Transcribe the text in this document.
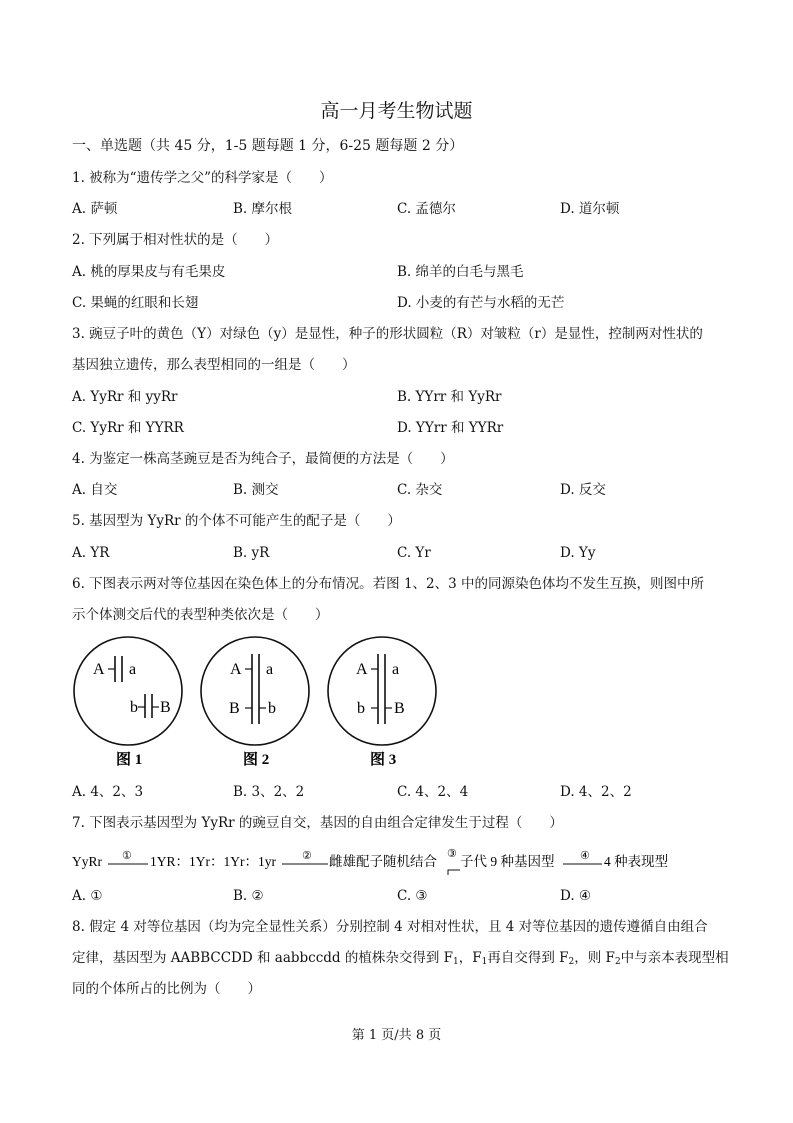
高一月考生物试题
一、单选题（共 45 分，1-5 题每题 1 分，6-25 题每题 2 分）
1. 被称为“遗传学之父”的科学家是（　　）
A. 萨顿	B. 摩尔根	C. 孟德尔	D. 道尔顿
2. 下列属于相对性状的是（　　）
A. 桃的厚果皮与有毛果皮	B. 绵羊的白毛与黑毛
C. 果蝇的红眼和长翅	D. 小麦的有芒与水稻的无芒
3. 豌豆子叶的黄色（Y）对绿色（y）是显性，种子的形状圆粒（R）对皱粒（r）是显性，控制两对性状的
基因独立遗传，那么表型相同的一组是（　　）
A. YyRr 和 yyRr	B. YYrr 和 YyRr
C. YyRr 和 YYRR	D. YYrr 和 YYRr
4. 为鉴定一株高茎豌豆是否为纯合子，最简便的方法是（　　）
A. 自交	B. 测交	C. 杂交	D. 反交
5. 基因型为 YyRr 的个体不可能产生的配子是（　　）
A. YR	B. yR	C. Yr	D. Yy
6. 下图表示两对等位基因在染色体上的分布情况。若图 1、2、3 中的同源染色体均不发生互换，则图中所
示个体测交后代的表型种类依次是（　　）
A a
b B
图 1
A a
B b
图 2
A a
b B
图 3
A. 4、2、3	B. 3、2、2	C. 4、2、4	D. 4、2、2
7. 下图表示基因型为 YyRr 的豌豆自交，基因的自由组合定律发生于过程（　　）
YyRr ① 1YR：1Yr：1Yr：1yr ② 雌雄配子随机结合 ③ 子代 9 种基因型 ④ 4 种表现型
A. ①	B. ②	C. ③	D. ④
8. 假定 4 对等位基因（均为完全显性关系）分别控制 4 对相对性状，且 4 对等位基因的遗传遵循自由组合
定律，基因型为 AABBCCDD 和 aabbccdd 的植株杂交得到 $F_1$，$F_1$再自交得到 $F_2$，则 $F_2$中与亲本表现型相
同的个体所占的比例为（　　）
第 1 页/共 8 页
